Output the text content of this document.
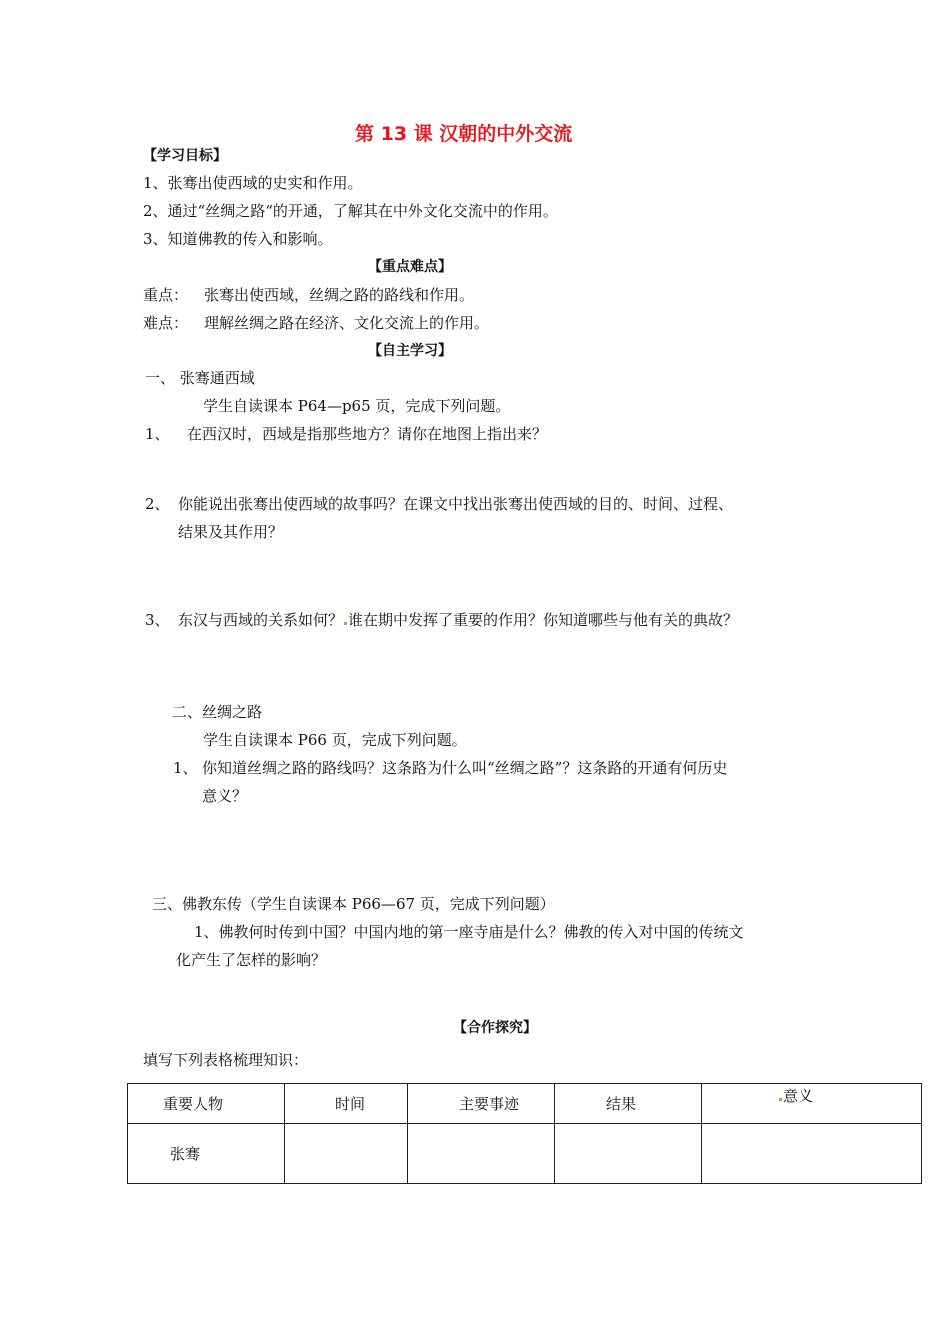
第 13 课 汉朝的中外交流
【学习目标】
1、张骞出使西域的史实和作用。
2、通过“丝绸之路“的开通，了解其在中外文化交流中的作用。
3、知道佛教的传入和影响。
【重点难点】
重点： 张骞出使西域，丝绸之路的路线和作用。
难点： 理解丝绸之路在经济、文化交流上的作用。
【自主学习】
一、 张骞通西域
学生自读课本 P64—p65 页，完成下列问题。
1、 在西汉时，西域是指那些地方？请你在地图上指出来？
2、 你能说出张骞出使西域的故事吗？在课文中找出张骞出使西域的目的、时间、过程、
结果及其作用？
3、 东汉与西域的关系如何？ 谁在期中发挥了重要的作用？你知道哪些与他有关的典故？
二、丝绸之路
学生自读课本 P66 页，完成下列问题。
1、 你知道丝绸之路的路线吗？这条路为什么叫“丝绸之路”？这条路的开通有何历史
意义？
三、佛教东传（学生自读课本 P66—67 页，完成下列问题）
1、佛教何时传到中国？中国内地的第一座寺庙是什么？佛教的传入对中国的传统文
化产生了怎样的影响？
【合作探究】
填写下列表格梳理知识：
重要人物	时间	主要事迹	结果	意义
张骞				
